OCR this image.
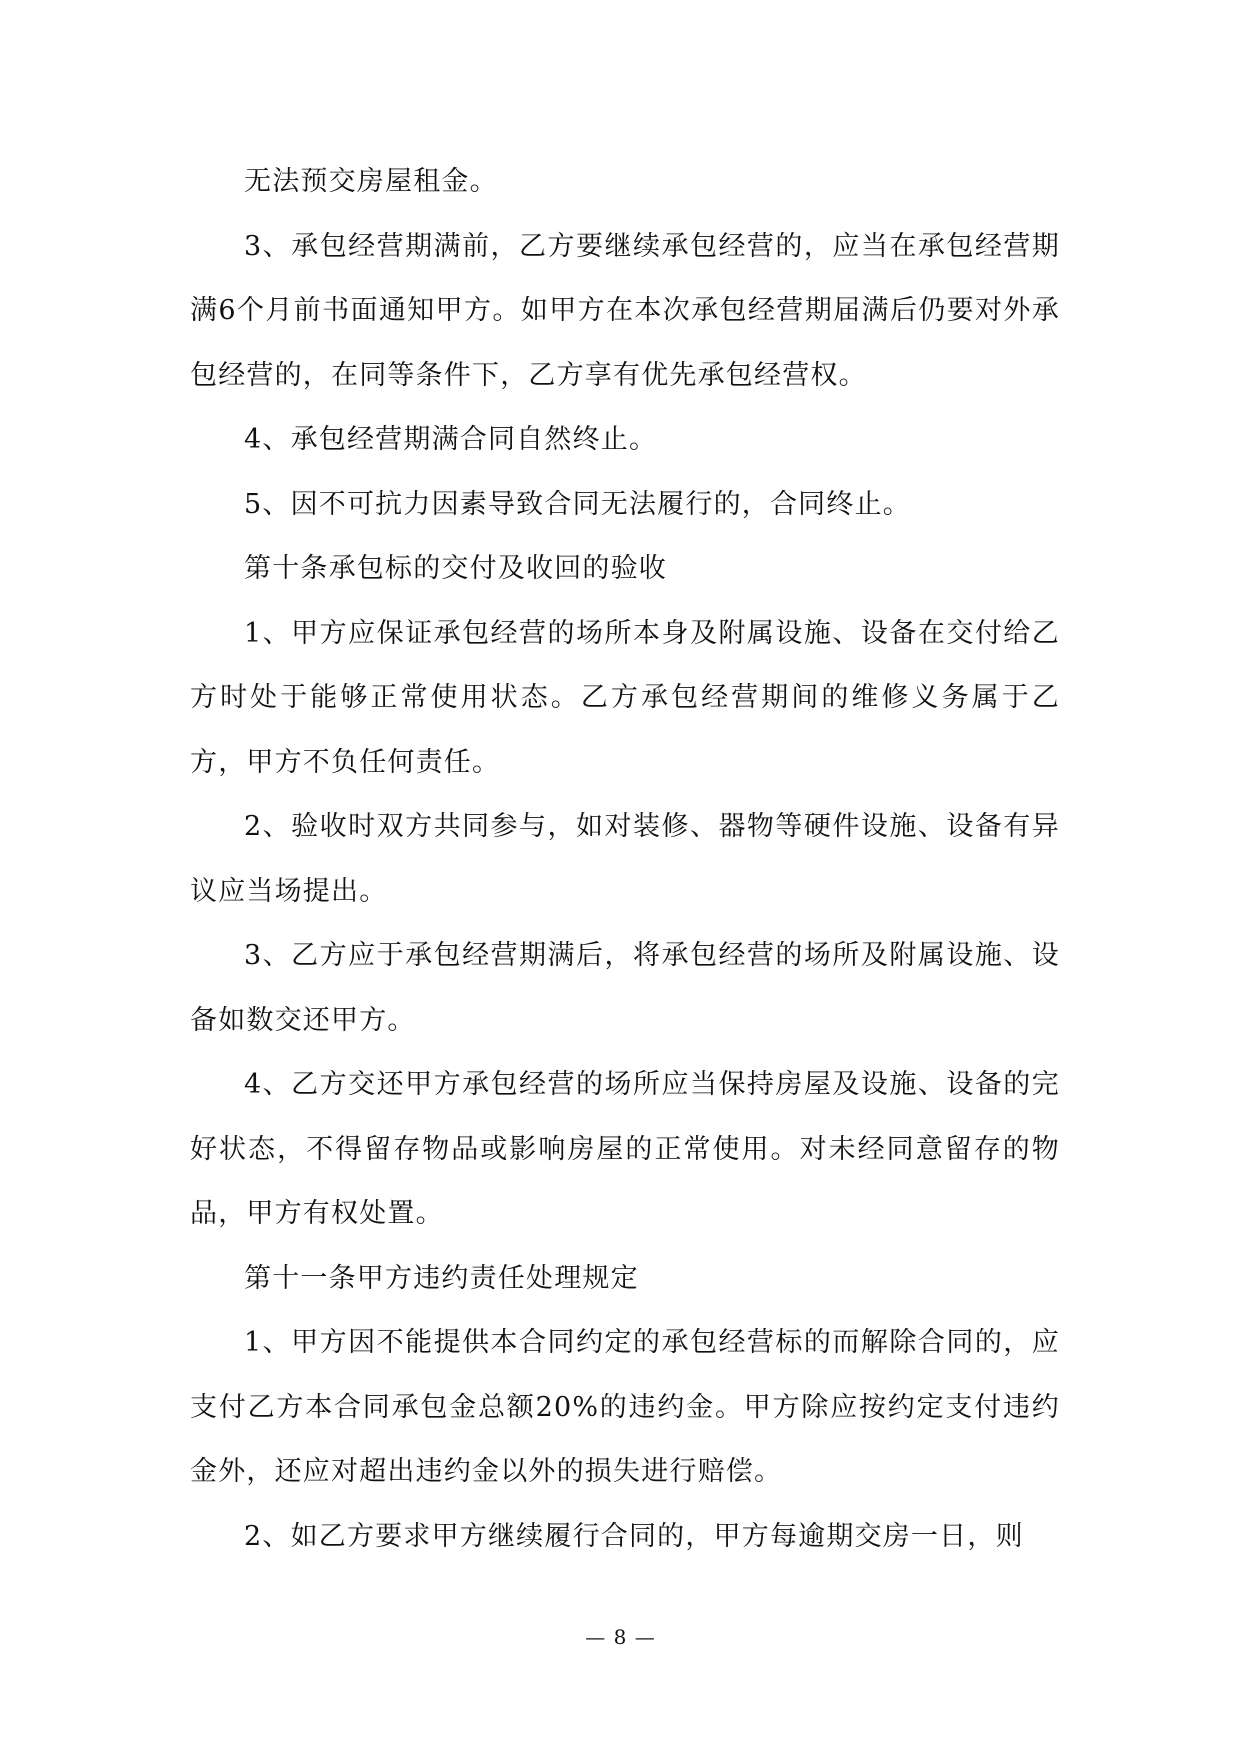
无法预交房屋租金。

3、承包经营期满前，乙方要继续承包经营的，应当在承包经营期满6个月前书面通知甲方。如甲方在本次承包经营期届满后仍要对外承包经营的，在同等条件下，乙方享有优先承包经营权。

4、承包经营期满合同自然终止。

5、因不可抗力因素导致合同无法履行的，合同终止。

第十条承包标的交付及收回的验收

1、甲方应保证承包经营的场所本身及附属设施、设备在交付给乙方时处于能够正常使用状态。乙方承包经营期间的维修义务属于乙方，甲方不负任何责任。

2、验收时双方共同参与，如对装修、器物等硬件设施、设备有异议应当场提出。

3、乙方应于承包经营期满后，将承包经营的场所及附属设施、设备如数交还甲方。

4、乙方交还甲方承包经营的场所应当保持房屋及设施、设备的完好状态，不得留存物品或影响房屋的正常使用。对未经同意留存的物品，甲方有权处置。

第十一条甲方违约责任处理规定

1、甲方因不能提供本合同约定的承包经营标的而解除合同的，应支付乙方本合同承包金总额20%的违约金。甲方除应按约定支付违约金外，还应对超出违约金以外的损失进行赔偿。

2、如乙方要求甲方继续履行合同的，甲方每逾期交房一日，则

— 8 —
